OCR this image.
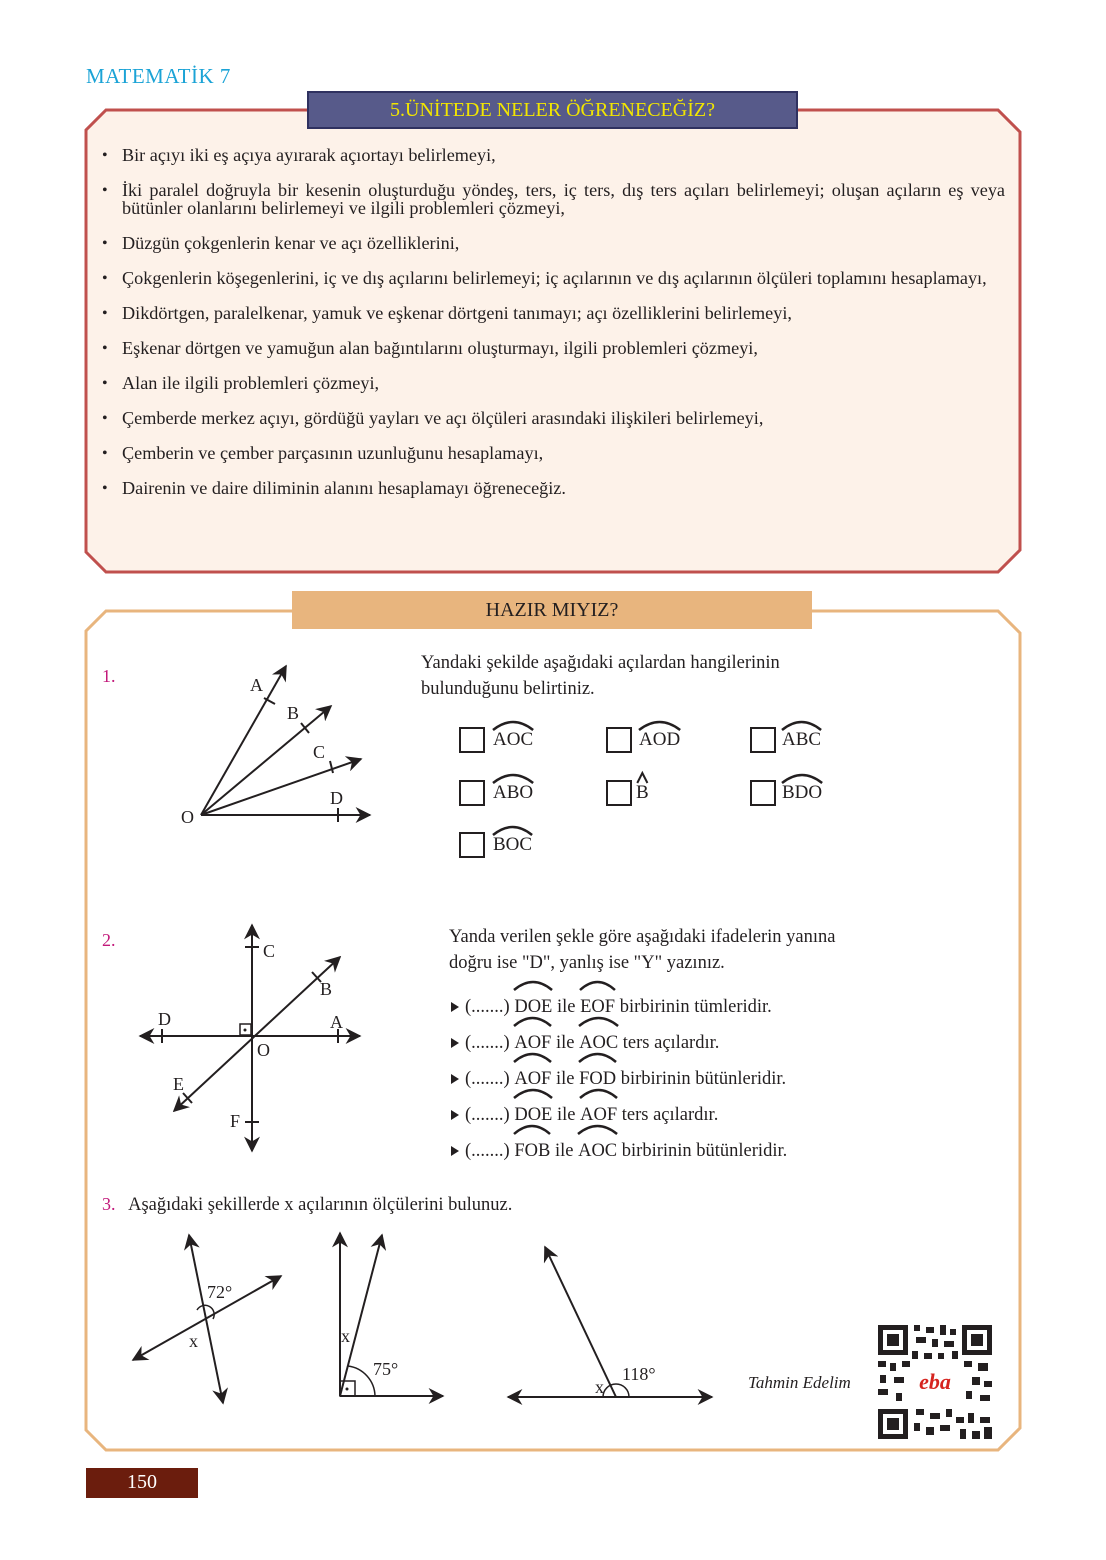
MATEMATİK 7
5.ÜNİTEDE NELER ÖĞRENECEĞİZ?
• Bir açıyı iki eş açıya ayırarak açıortayı belirlemeyi,
• İki paralel doğruyla bir kesenin oluşturduğu yöndeş, ters, iç ters, dış ters açıları belirlemeyi; oluşan açıların eş veya bütünler olanlarını belirlemeyi ve ilgili problemleri çözmeyi,
• Düzgün çokgenlerin kenar ve açı özelliklerini,
• Çokgenlerin köşegenlerini, iç ve dış açılarını belirlemeyi; iç açılarının ve dış açılarının ölçüleri toplamını hesaplamayı,
• Dikdörtgen, paralelkenar, yamuk ve eşkenar dörtgeni tanımayı; açı özelliklerini belirlemeyi,
• Eşkenar dörtgen ve yamuğun alan bağıntılarını oluşturmayı, ilgili problemleri çözmeyi,
• Alan ile ilgili problemleri çözmeyi,
• Çemberde merkez açıyı, gördüğü yayları ve açı ölçüleri arasındaki ilişkileri belirlemeyi,
• Çemberin ve çember parçasının uzunluğunu hesaplamayı,
• Dairenin ve daire diliminin alanını hesaplamayı öğreneceğiz.
HAZIR MIYIZ?
1.	A
B
C
D
O
Yandaki şekilde aşağıdaki açılardan hangilerinin
bulunduğunu belirtiniz.
AOC	AOD	ABC
ABO	B	BDO
BOC
2.
C
B
A
D
O
E
F
Yanda verilen şekle göre aşağıdaki ifadelerin yanına
doğru ise "D", yanlış ise "Y" yazınız.
(.......) DOE ile EOF birbirinin tümleridir.
(.......) AOF ile AOC ters açılardır.
(.......) AOF ile FOD birbirinin bütünleridir.
(.......) DOE ile AOF ters açılardır.
(.......) FOB ile AOC birbirinin bütünleridir.
3. Aşağıdaki şekillerde x açılarının ölçülerini bulunuz.
72°
x	x
75°
x
118°	Tahmin Edelim	eba
150
